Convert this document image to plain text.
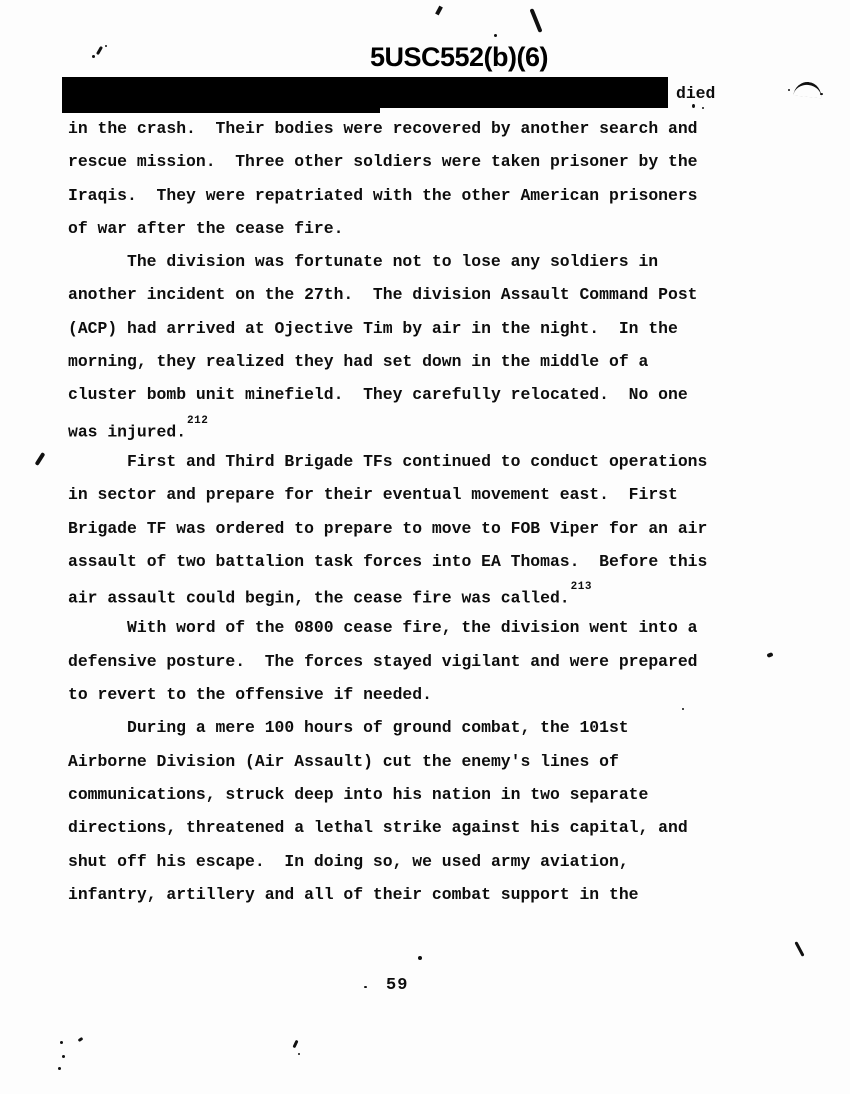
5USC552(b)(6)
died
in the crash.  Their bodies were recovered by another search and
rescue mission.  Three other soldiers were taken prisoner by the
Iraqis.  They were repatriated with the other American prisoners
of war after the cease fire.
The division was fortunate not to lose any soldiers in
another incident on the 27th.  The division Assault Command Post
(ACP) had arrived at Ojective Tim by air in the night.  In the
morning, they realized they had set down in the middle of a
cluster bomb unit minefield.  They carefully relocated.  No one
was injured.$^{212}$
First and Third Brigade TFs continued to conduct operations
in sector and prepare for their eventual movement east.  First
Brigade TF was ordered to prepare to move to FOB Viper for an air
assault of two battalion task forces into EA Thomas.  Before this
air assault could begin, the cease fire was called.$^{213}$
With word of the 0800 cease fire, the division went into a
defensive posture.  The forces stayed vigilant and were prepared
to revert to the offensive if needed.
During a mere 100 hours of ground combat, the 101st
Airborne Division (Air Assault) cut the enemy's lines of
communications, struck deep into his nation in two separate
directions, threatened a lethal strike against his capital, and
shut off his escape.  In doing so, we used army aviation,
infantry, artillery and all of their combat support in the
59
